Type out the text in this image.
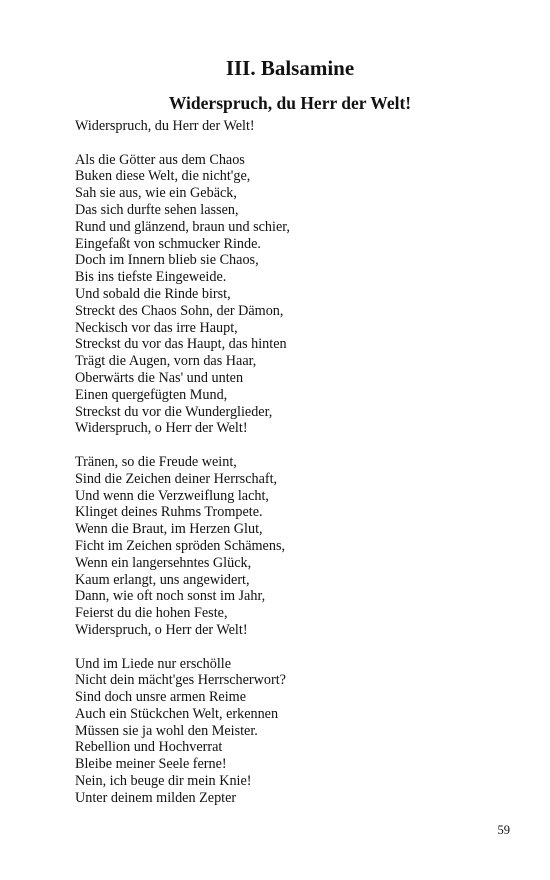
III. Balsamine
Widerspruch, du Herr der Welt!
Widerspruch, du Herr der Welt!
Als die Götter aus dem Chaos
Buken diese Welt, die nicht'ge,
Sah sie aus, wie ein Gebäck,
Das sich durfte sehen lassen,
Rund und glänzend, braun und schier,
Eingefaßt von schmucker Rinde.
Doch im Innern blieb sie Chaos,
Bis ins tiefste Eingeweide.
Und sobald die Rinde birst,
Streckt des Chaos Sohn, der Dämon,
Neckisch vor das irre Haupt,
Streckst du vor das Haupt, das hinten
Trägt die Augen, vorn das Haar,
Oberwärts die Nas' und unten
Einen quergefügten Mund,
Streckst du vor die Wunderglieder,
Widerspruch, o Herr der Welt!
Tränen, so die Freude weint,
Sind die Zeichen deiner Herrschaft,
Und wenn die Verzweiflung lacht,
Klinget deines Ruhms Trompete.
Wenn die Braut, im Herzen Glut,
Ficht im Zeichen spröden Schämens,
Wenn ein langersehntes Glück,
Kaum erlangt, uns angewidert,
Dann, wie oft noch sonst im Jahr,
Feierst du die hohen Feste,
Widerspruch, o Herr der Welt!
Und im Liede nur erschölle
Nicht dein mächt'ges Herrscherwort?
Sind doch unsre armen Reime
Auch ein Stückchen Welt, erkennen
Müssen sie ja wohl den Meister.
Rebellion und Hochverrat
Bleibe meiner Seele ferne!
Nein, ich beuge dir mein Knie!
Unter deinem milden Zepter
59
